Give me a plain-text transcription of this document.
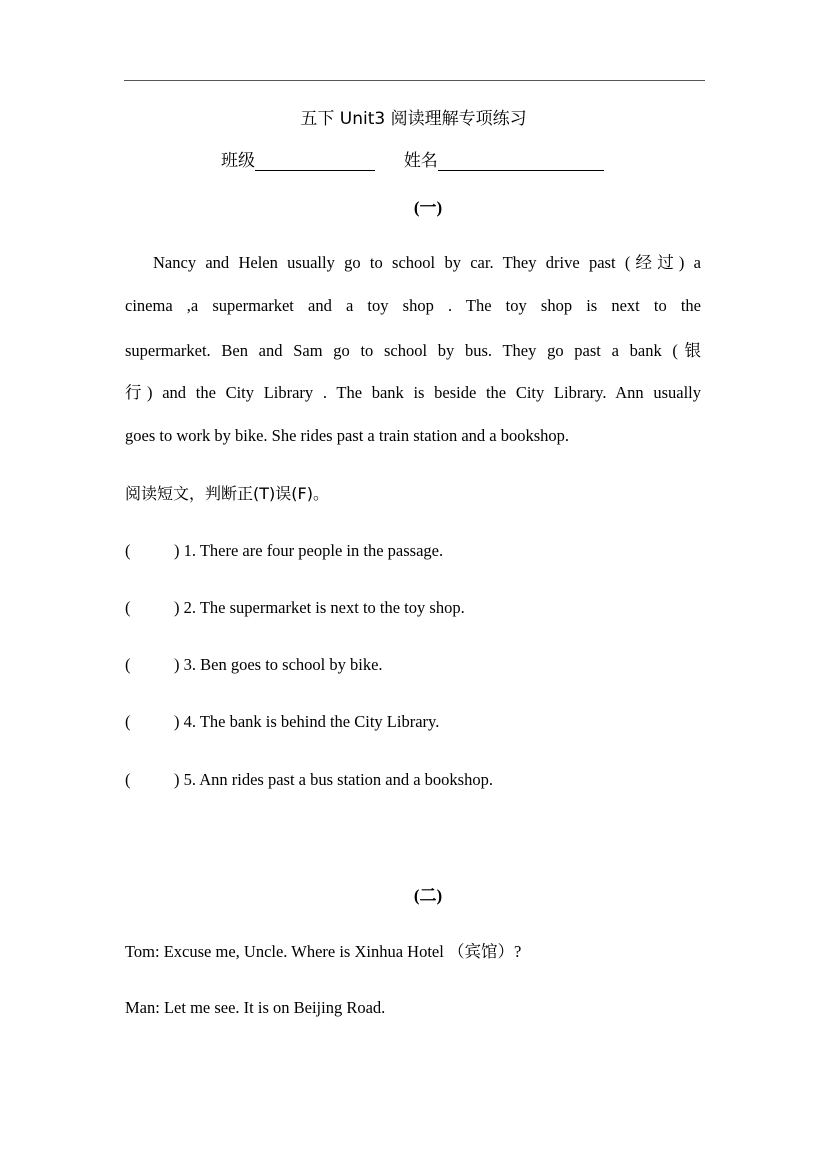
五下 Unit3 阅读理解专项练习
班级	姓名
(一)
Nancy and Helen usually go to school by car. They drive past (经过) a
cinema ,a supermarket and a toy shop . The toy shop is next to the
supermarket. Ben and Sam go to school by bus. They go past a bank (银
行) and the City Library . The bank is beside the City Library. Ann usually
goes to work by bike. She rides past a train station and a bookshop.
阅读短文，判断正(T)误(F)。
(	) 1. There are four people in the passage.
(	) 2. The supermarket is next to the toy shop.
(	) 3. Ben goes to school by bike.
(	) 4. The bank is behind the City Library.
(	) 5. Ann rides past a bus station and a bookshop.
(二)
Tom: Excuse me, Uncle. Where is Xinhua Hotel （宾馆）?
Man: Let me see. It is on Beijing Road.
